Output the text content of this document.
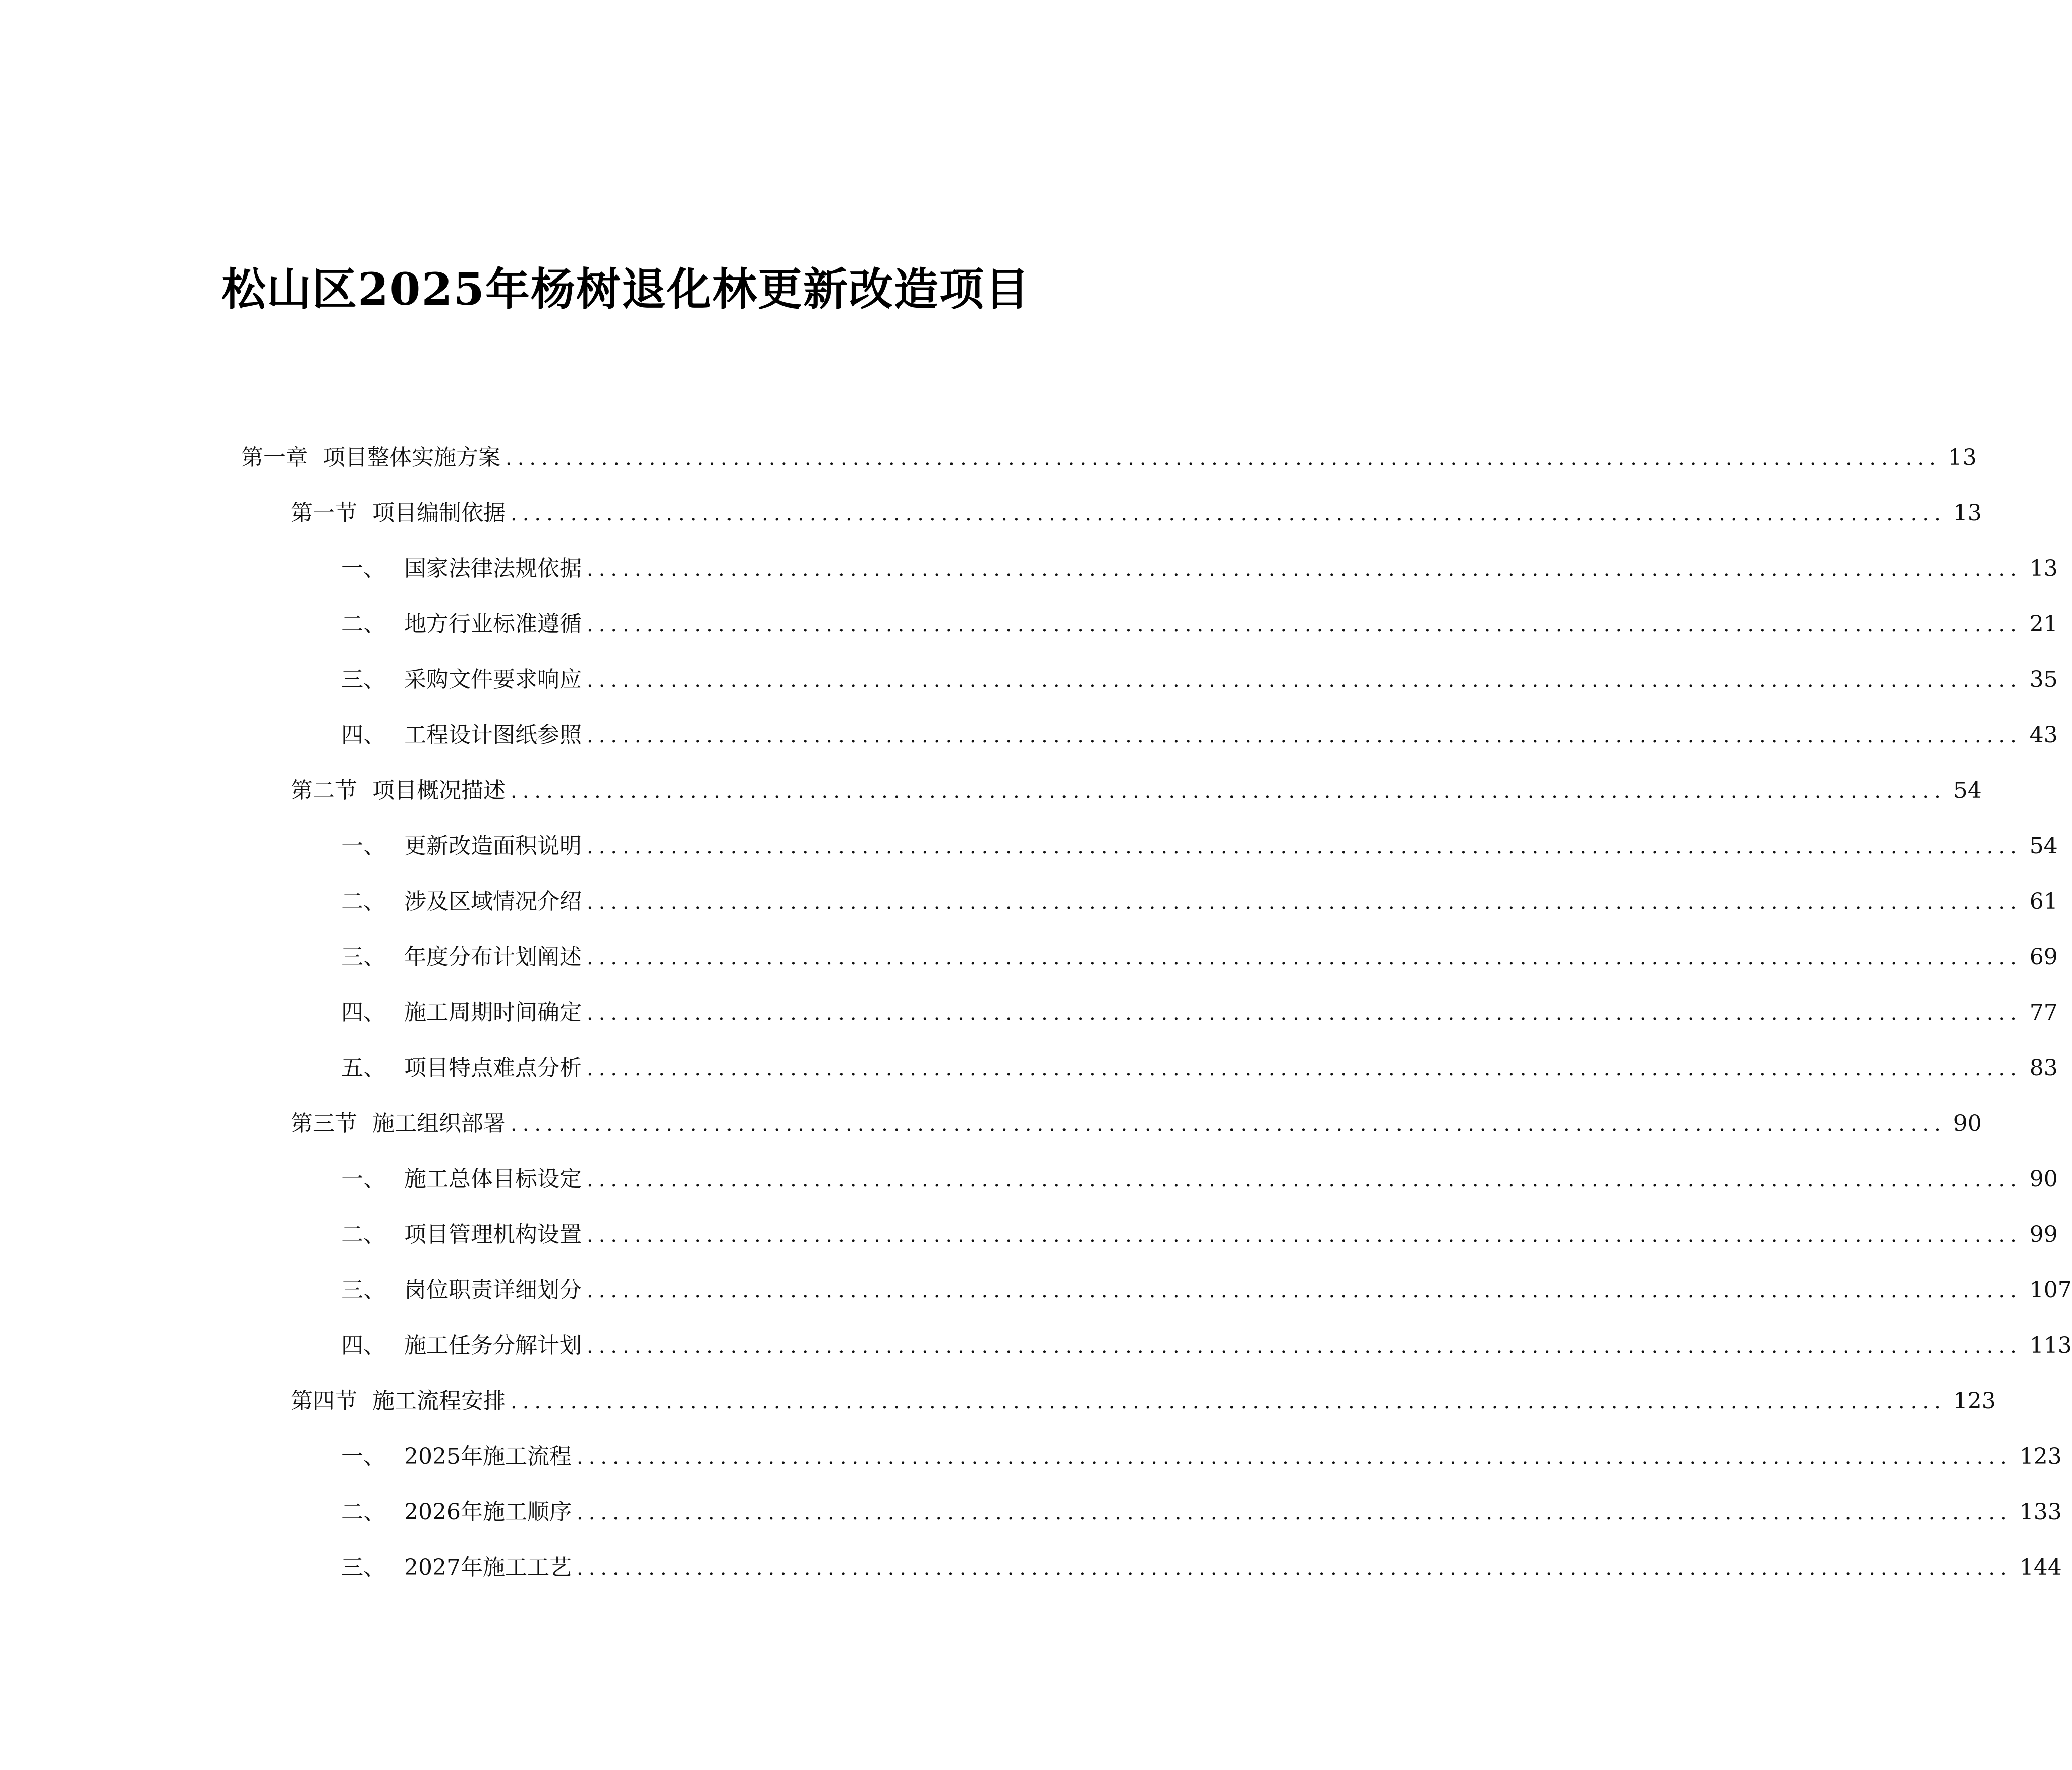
松山区2025年杨树退化林更新改造项目
第一章 项目整体实施方案 ........................................................................................................................ 13
第一节 项目编制依据 ........................................................................................................................ 13
一、 国家法律法规依据 ........................................................................................................................ 13
二、 地方行业标准遵循 ........................................................................................................................ 21
三、 采购文件要求响应 ........................................................................................................................ 35
四、 工程设计图纸参照 ........................................................................................................................ 43
第二节 项目概况描述 ........................................................................................................................ 54
一、 更新改造面积说明 ........................................................................................................................ 54
二、 涉及区域情况介绍 ........................................................................................................................ 61
三、 年度分布计划阐述 ........................................................................................................................ 69
四、 施工周期时间确定 ........................................................................................................................ 77
五、 项目特点难点分析 ........................................................................................................................ 83
第三节 施工组织部署 ........................................................................................................................ 90
一、 施工总体目标设定 ........................................................................................................................ 90
二、 项目管理机构设置 ........................................................................................................................ 99
三、 岗位职责详细划分 ........................................................................................................................ 107
四、 施工任务分解计划 ........................................................................................................................ 113
第四节 施工流程安排 ........................................................................................................................ 123
一、 2025年施工流程 ........................................................................................................................ 123
二、 2026年施工顺序 ........................................................................................................................ 133
三、 2027年施工工艺 ........................................................................................................................ 144
